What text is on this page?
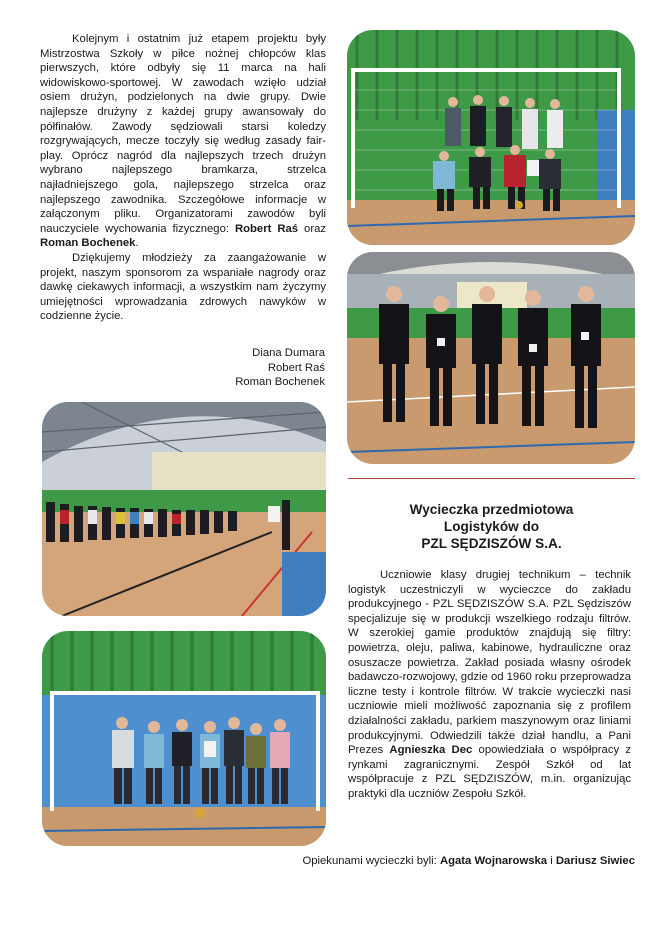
Kolejnym i ostatnim już etapem projektu były Mistrzostwa Szkoły w piłce nożnej chłopców klas pierwszych, które odbyły się 11 marca na hali widowiskowo-sportowej. W zawodach wzięło udział osiem drużyn, podzielonych na dwie grupy. Dwie najlepsze drużyny z każdej grupy awansowały do półfinałów. Zawody sędziowali starsi koledzy rozgrywających, mecze toczyły się według zasady fair-play. Oprócz nagród dla najlepszych trzech drużyn wybrano najlepszego bramkarza, strzelca najładniejszego gola, najlepszego strzelca oraz najlepszego zawodnika. Szczegółowe informacje w załączonym pliku. Organizatorami zawodów byli nauczyciele wychowania fizycznego: Robert Raś oraz Roman Bochenek.

Dziękujemy młodzieży za zaangażowanie w projekt, naszym sponsorom za wspaniałe nagrody oraz dawkę ciekawych informacji, a wszystkim nam życzymy umiejętności wprowadzania zdrowych nawyków w codzienne życie.

Diana Dumara
Robert Raś
Roman Bochenek
Wycieczka przedmiotowa
Logistyków do
PZL SĘDZISZÓW S.A.

Uczniowie klasy drugiej technikum – technik logistyk uczestniczyli w wycieczce do zakładu produkcyjnego - PZL SĘDZISZÓW S.A. PZL Sędziszów specjalizuje się w produkcji wszelkiego rodzaju filtrów. W szerokiej gamie produktów znajdują się filtry: powietrza, oleju, paliwa, kabinowe, hydrauliczne oraz osuszacze powietrza. Zakład posiada własny ośrodek badawczo-rozwojowy, gdzie od 1960 roku przeprowadza liczne testy i kontrole filtrów. W trakcie wycieczki nasi uczniowie mieli możliwość zapoznania się z profilem działalności zakładu, parkiem maszynowym oraz liniami produkcyjnymi. Odwiedzili także dział handlu, a Pani Prezes Agnieszka Dec opowiedziała o współpracy z rynkami zagranicznymi. Zespół Szkół od lat współpracuje z PZL SĘDZISZÓW, m.in. organizując praktyki dla uczniów Zespołu Szkół.

Opiekunami wycieczki byli: Agata Wojnarowska i Dariusz Siwiec
